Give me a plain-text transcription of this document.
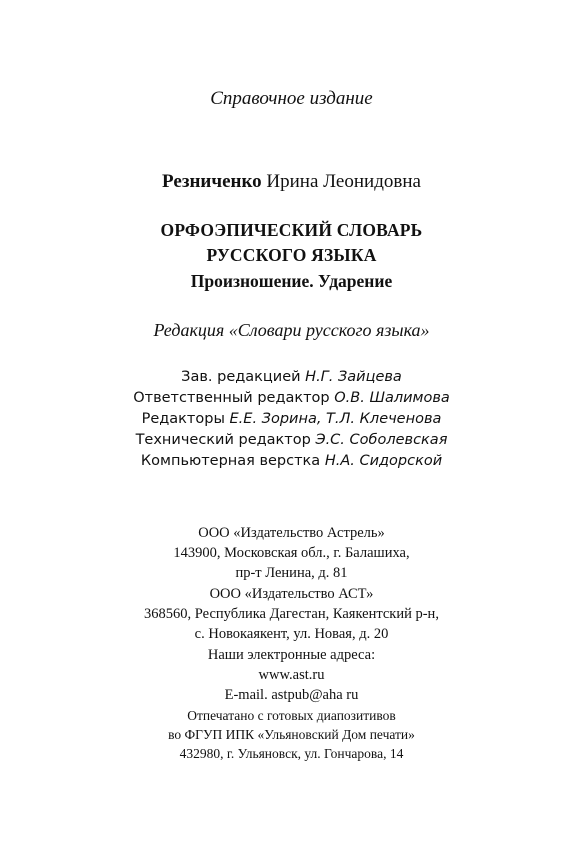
Справочное издание
Резниченко Ирина Леонидовна
ОРФОЭПИЧЕСКИЙ СЛОВАРЬ
РУССКОГО ЯЗЫКА
Произношение. Ударение
Редакция «Словари русского языка»
Зав. редакцией Н.Г. Зайцева
Ответственный редактор О.В. Шалимова
Редакторы Е.Е. Зорина, Т.Л. Клеченова
Технический редактор Э.С. Соболевская
Компьютерная верстка Н.А. Сидорской
ООО «Издательство Астрель»
143900, Московская обл., г. Балашиха,
пр-т Ленина, д. 81
ООО «Издательство АСТ»
368560, Республика Дагестан, Каякентский р-н,
с. Новокаякент, ул. Новая, д. 20
Наши электронные адреса:
www.ast.ru
E-mail. astpub@aha ru
Отпечатано с готовых диапозитивов
во ФГУП ИПК «Ульяновский Дом печати»
432980, г. Ульяновск, ул. Гончарова, 14
